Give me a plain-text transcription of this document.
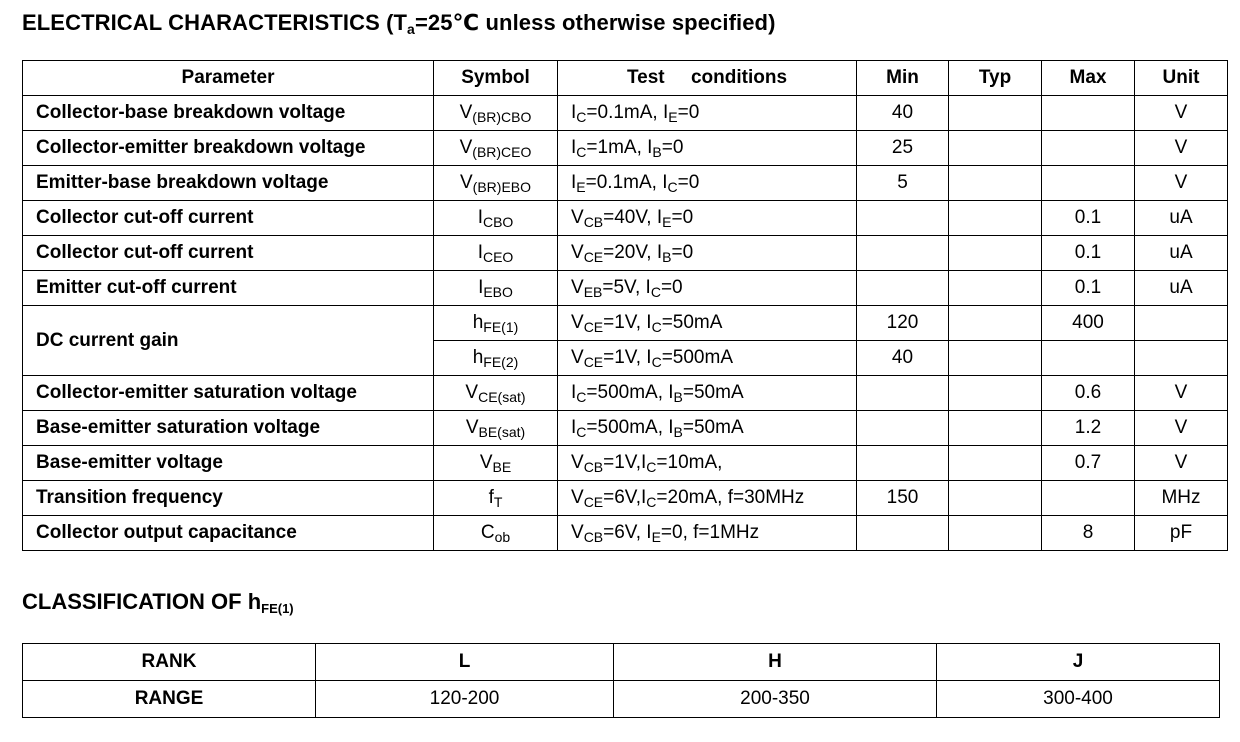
ELECTRICAL CHARACTERISTICS ($T_a=25℃$ unless otherwise specified)
Parameter	Symbol	Test     conditions	Min	Typ	Max	Unit
Collector-base breakdown voltage	$V_{(BR)CBO}$	$I_C=0.1mA$, $I_E=0$	40			V
Collector-emitter breakdown voltage	$V_{(BR)CEO}$	$I_C=1mA$, $I_B=0$	25			V
Emitter-base breakdown voltage	$V_{(BR)EBO}$	$I_E=0.1mA$, $I_C=0$	5			V
Collector cut-off current	$I_{CBO}$	$V_{CB}=40V$, $I_E=0$			0.1	uA
Collector cut-off current	$I_{CEO}$	$V_{CE}=20V$, $I_B=0$			0.1	uA
Emitter cut-off current	$I_{EBO}$	$V_{EB}=5V$, $I_C=0$			0.1	uA
DC current gain	$h_{FE(1)}$	$V_{CE}=1V$, $I_C=50mA$	120		400	
	$h_{FE(2)}$	$V_{CE}=1V$, $I_C=500mA$	40			
Collector-emitter saturation voltage	$V_{CE(sat)}$	$I_C=500mA$, $I_B=50mA$			0.6	V
Base-emitter saturation voltage	$V_{BE(sat)}$	$I_C=500mA$, $I_B=50mA$			1.2	V
Base-emitter voltage	$V_{BE}$	$V_{CB}=1V,I_C=10mA$,			0.7	V
Transition frequency	$f_T$	$V_{CE}=6V,I_C=20mA$, f=30MHz	150			MHz
Collector output capacitance	$C_{ob}$	$V_{CB}=6V$, $I_E=0$, f=1MHz			8	pF
CLASSIFICATION OF $h_{FE(1)}$
RANK	L	H	J
RANGE	120-200	200-350	300-400
